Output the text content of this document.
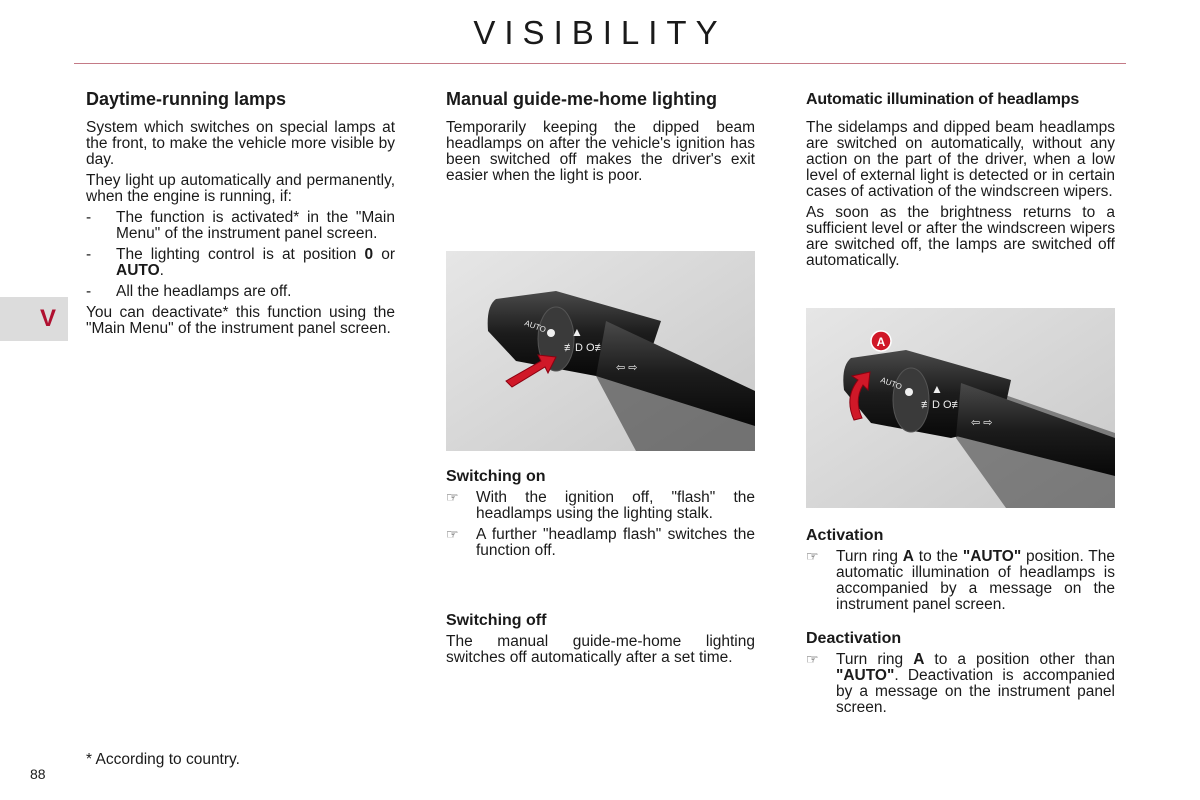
VISIBILITY
V
Daytime-running lamps

System which switches on special lamps at the front, to make the vehicle more visible by day.

They light up automatically and permanently, when the engine is running, if:

- The function is activated* in the "Main Menu" of the instrument panel screen.
- The lighting control is at position 0 or AUTO.
- All the headlamps are off.

You can deactivate* this function using the "Main Menu" of the instrument panel screen.

Manual guide-me-home lighting

Temporarily keeping the dipped beam headlamps on after the vehicle's ignition has been switched off makes the driver's exit easier when the light is poor.

AUTO ▲
≢D O≢
⇦ ⇨
Switching on
☞ With the ignition off, "flash" the headlamps using the lighting stalk.
☞ A further "headlamp flash" switches the function off.
Switching off

The manual guide-me-home lighting switches off automatically after a set time.

Automatic illumination of headlamps

The sidelamps and dipped beam headlamps are switched on automatically, without any action on the part of the driver, when a low level of external light is detected or in certain cases of activation of the windscreen wipers.

As soon as the brightness returns to a sufficient level or after the windscreen wipers are switched off, the lamps are switched off automatically.

AUTO ▲
≢D O≢
⇦ ⇨
A
Activation
☞ Turn ring A to the "AUTO" position. The automatic illumination of headlamps is accompanied by a message on the instrument panel screen.
Deactivation
☞ Turn ring A to a position other than "AUTO". Deactivation is accompanied by a message on the instrument panel screen.
* According to country.
88
